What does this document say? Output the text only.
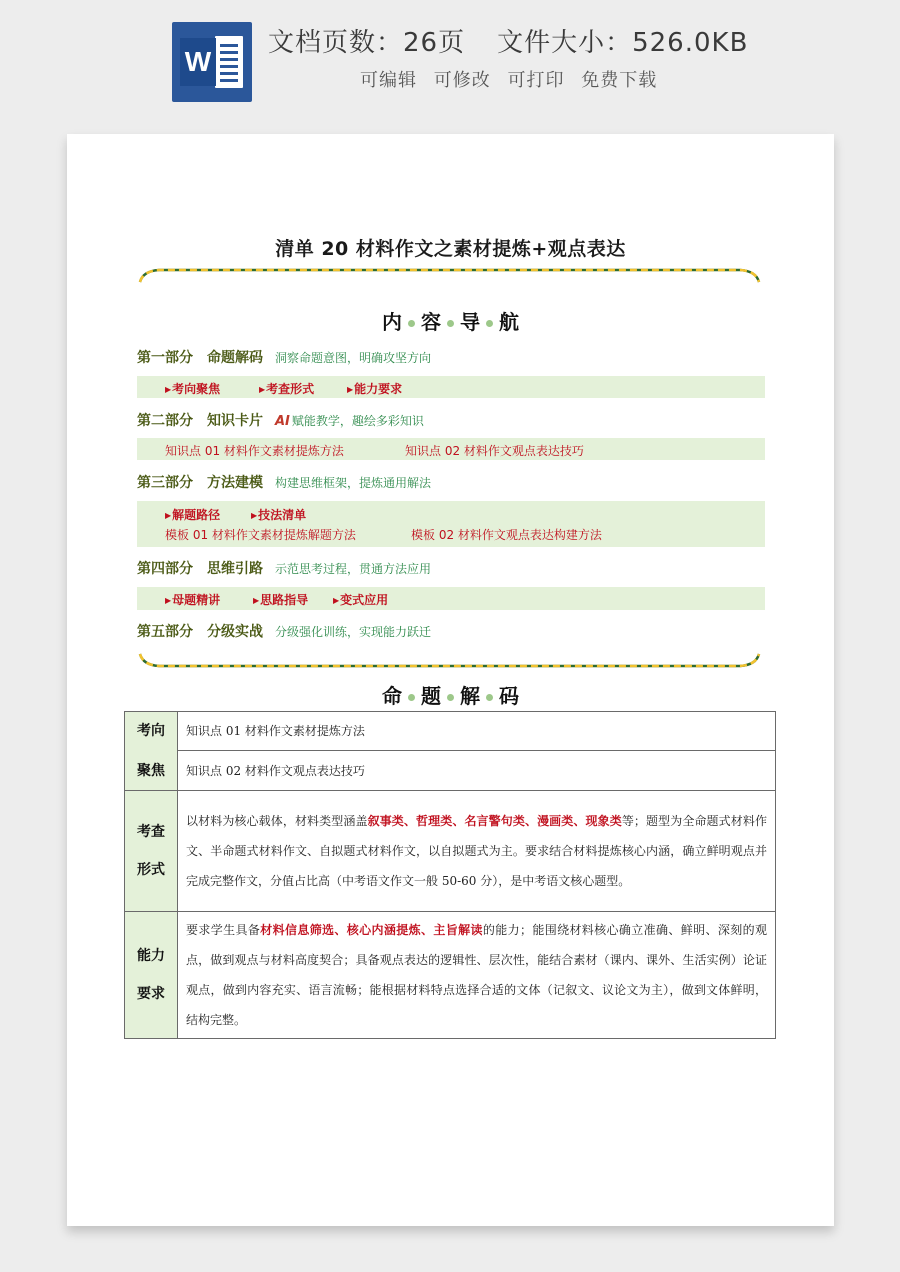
W
文档页数：26页 文件大小：526.0KB
可编辑 可修改 可打印 免费下载
清单 20 材料作文之素材提炼+观点表达
内 容 导 航
第一部分 命题解码 洞察命题意图，明确攻坚方向
▶考向聚焦	▶考查形式	▶能力要求
第二部分 知识卡片 AI 赋能教学，趣绘多彩知识
知识点 01 材料作文素材提炼方法	知识点 02 材料作文观点表达技巧
第三部分 方法建模 构建思维框架，提炼通用解法
▶解题路径	▶技法清单
模板 01 材料作文素材提炼解题方法	模板 02 材料作文观点表达构建方法
第四部分 思维引路 示范思考过程，贯通方法应用
▶母题精讲	▶思路指导	▶变式应用
第五部分 分级实战 分级强化训练，实现能力跃迁
命 题 解 码
考向
聚焦	知识点 01 材料作文素材提炼方法
	知识点 02 材料作文观点表达技巧

考查
形式	以材料为核心载体，材料类型涵盖叙事类、哲理类、名言警句类、漫画类、现象类等；题型为全命题式材料作文、半命题式材料作文、自拟题式材料作文，以自拟题式为主。要求结合材料提炼核心内涵，确立鲜明观点并完成完整作文，分值占比高（中考语文作文一般 50-60 分），是中考语文核心题型。

能力
要求	要求学生具备材料信息筛选、核心内涵提炼、主旨解读的能力；能围绕材料核心确立准确、鲜明、深刻的观点，做到观点与材料高度契合；具备观点表达的逻辑性、层次性，能结合素材（课内、课外、生活实例）论证观点，做到内容充实、语言流畅；能根据材料特点选择合适的文体（记叙文、议论文为主），做到文体鲜明，结构完整。
